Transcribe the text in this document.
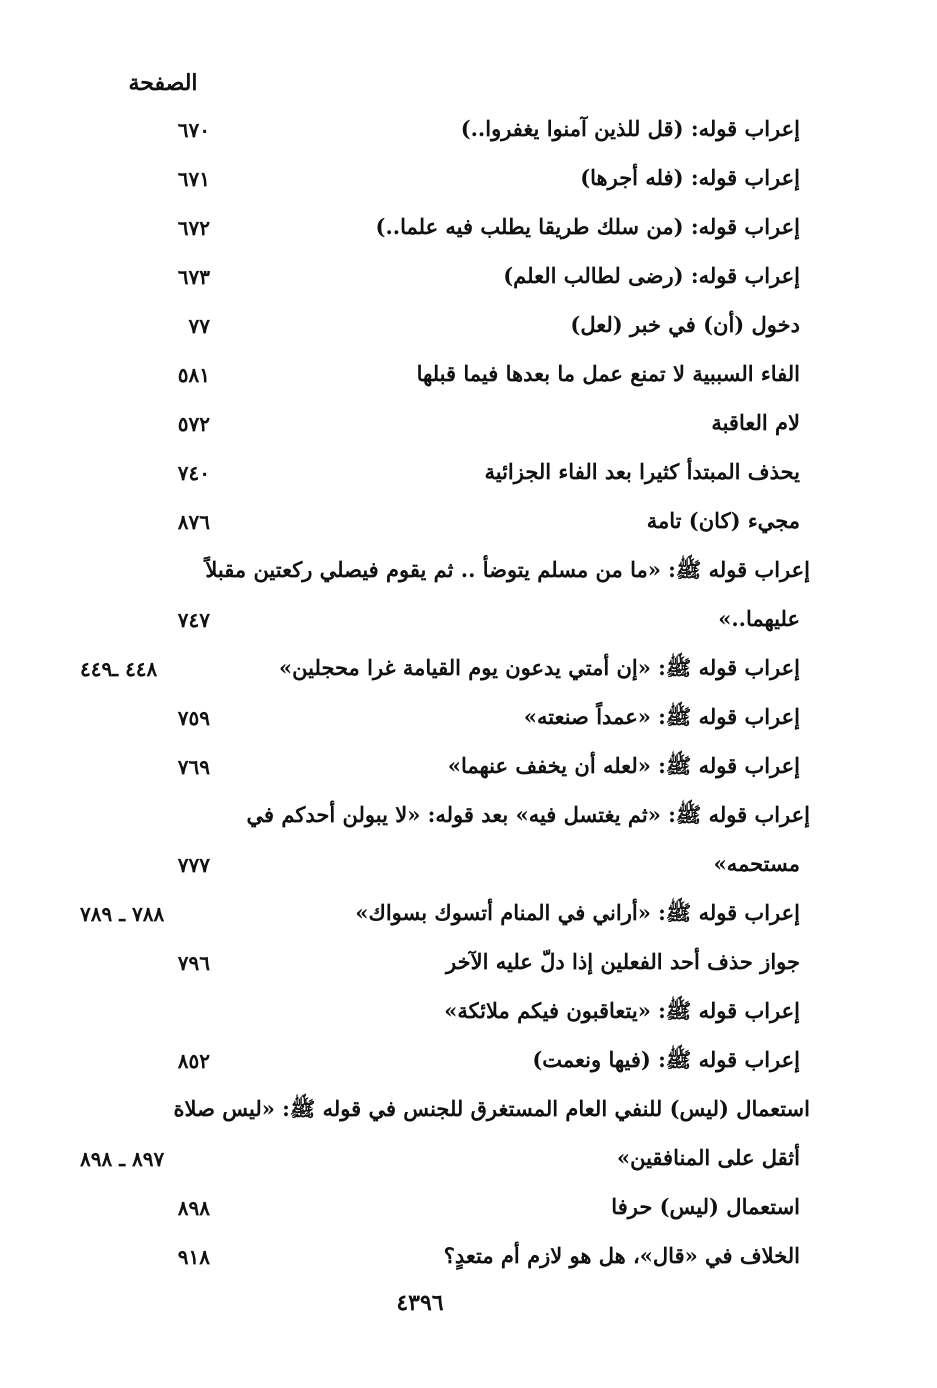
الصفحة
إعراب قوله: (قل للذين آمنوا يغفروا..)
٦٧٠
إعراب قوله: (فله أجرها)
٦٧١
إعراب قوله: (من سلك طريقا يطلب فيه علما..)
٦٧٢
إعراب قوله: (رضى لطالب العلم)
٦٧٣
دخول (أن) في خبر (لعل)
٧٧
الفاء السببية لا تمنع عمل ما بعدها فيما قبلها
٥٨١
لام العاقبة
٥٧٢
يحذف المبتدأ كثيرا بعد الفاء الجزائية
٧٤٠
مجيء (كان) تامة
٨٧٦
إعراب قوله ﷺ: «ما من مسلم يتوضأ .. ثم يقوم فيصلي ركعتين مقبلاً
عليهما..»
٧٤٧
إعراب قوله ﷺ: «إن أمتي يدعون يوم القيامة غرا محجلين»
٤٤٨ ـ٤٤٩
إعراب قوله ﷺ: «عمداً صنعته»
٧٥٩
إعراب قوله ﷺ: «لعله أن يخفف عنهما»
٧٦٩
إعراب قوله ﷺ: «ثم يغتسل فيه» بعد قوله: «لا يبولن أحدكم في
مستحمه»
٧٧٧
إعراب قوله ﷺ: «أراني في المنام أتسوك بسواك»
٧٨٨ ـ ٧٨٩
جواز حذف أحد الفعلين إذا دلّ عليه الآخر
٧٩٦
إعراب قوله ﷺ: «يتعاقبون فيكم ملائكة»
إعراب قوله ﷺ: (فيها ونعمت)
٨٥٢
استعمال (ليس) للنفي العام المستغرق للجنس في قوله ﷺ: «ليس صلاة
أثقل على المنافقين»
٨٩٧ ـ ٨٩٨
استعمال (ليس) حرفا
٨٩٨
الخلاف في «قال»، هل هو لازم أم متعدٍ؟
٩١٨
٤٣٩٦
